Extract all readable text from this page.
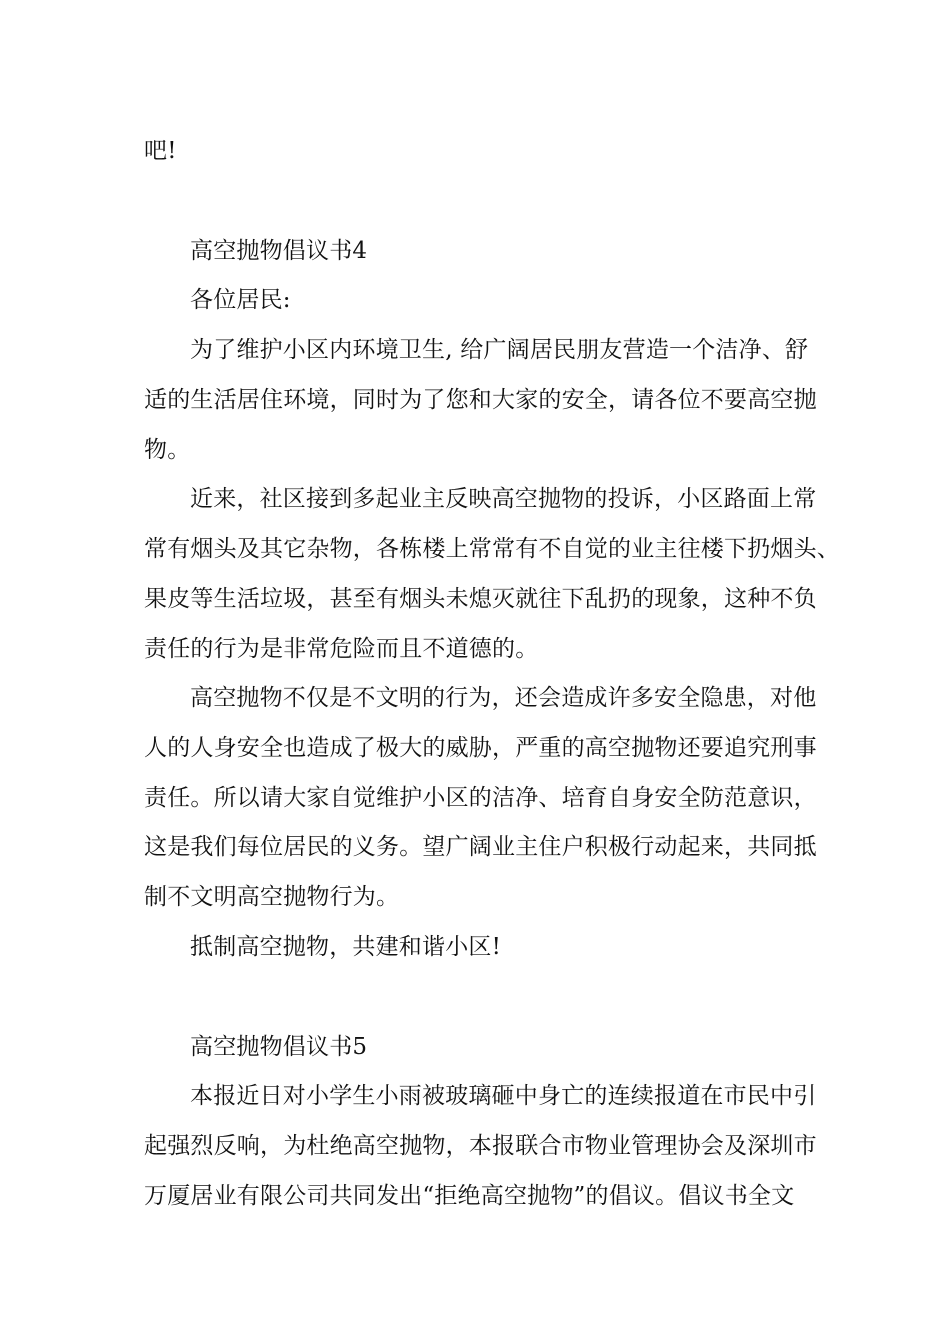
吧!
高空抛物倡议书4
各位居民:
为了维护小区内环境卫生, 给广阔居民朋友营造一个洁净、舒
适的生活居住环境，同时为了您和大家的安全，请各位不要高空抛
物。
近来，社区接到多起业主反映高空抛物的投诉，小区路面上常
常有烟头及其它杂物，各栋楼上常常有不自觉的业主往楼下扔烟头、
果皮等生活垃圾，甚至有烟头未熄灭就往下乱扔的现象，这种不负
责任的行为是非常危险而且不道德的。
高空抛物不仅是不文明的行为，还会造成许多安全隐患，对他
人的人身安全也造成了极大的威胁，严重的高空抛物还要追究刑事
责任。所以请大家自觉维护小区的洁净、培育自身安全防范意识，
这是我们每位居民的义务。望广阔业主住户积极行动起来，共同抵
制不文明高空抛物行为。
抵制高空抛物，共建和谐小区!
高空抛物倡议书5
本报近日对小学生小雨被玻璃砸中身亡的连续报道在市民中引
起强烈反响，为杜绝高空抛物，本报联合市物业管理协会及深圳市
万厦居业有限公司共同发出“拒绝高空抛物”的倡议。倡议书全文
